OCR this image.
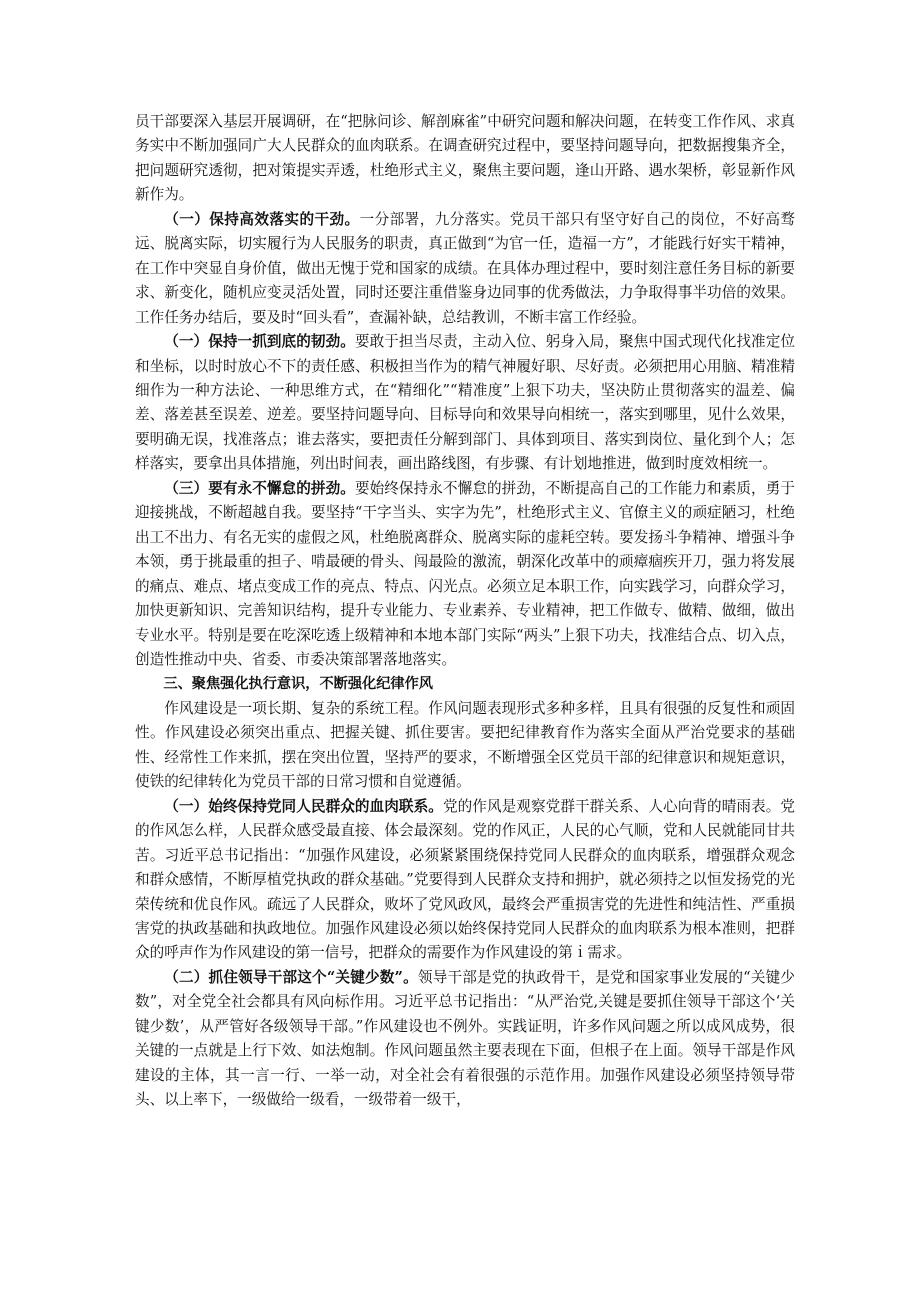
员干部要深入基层开展调研，在“把脉问诊、解剖麻雀”中研究问题和解决问题，在转变工作作风、求真务实中不断加强同广大人民群众的血肉联系。在调查研究过程中，要坚持问题导向，把数据搜集齐全，把问题研究透彻，把对策提实弄透，杜绝形式主义，聚焦主要问题，逢山开路、遇水架桥，彰显新作风新作为。

（一）保持高效落实的干劲。一分部署，九分落实。党员干部只有坚守好自己的岗位，不好高骛远、脱离实际，切实履行为人民服务的职责，真正做到“为官一任，造福一方”，才能践行好实干精神，在工作中突显自身价值，做出无愧于党和国家的成绩。在具体办理过程中，要时刻注意任务目标的新要求、新变化，随机应变灵活处置，同时还要注重借鉴身边同事的优秀做法，力争取得事半功倍的效果。工作任务办结后，要及时“回头看”，查漏补缺，总结教训，不断丰富工作经验。

（一）保持一抓到底的韧劲。要敢于担当尽责，主动入位、躬身入局，聚焦中国式现代化找准定位和坐标，以时时放心不下的责任感、积极担当作为的精气神履好职、尽好责。必须把用心用脑、精准精细作为一种方法论、一种思维方式，在“精细化”“精准度”上狠下功夫，坚决防止贯彻落实的温差、偏差、落差甚至误差、逆差。要坚持问题导向、目标导向和效果导向相统一，落实到哪里，见什么效果，要明确无误，找准落点；谁去落实，要把责任分解到部门、具体到项目、落实到岗位、量化到个人；怎样落实，要拿出具体措施，列出时间表，画出路线图，有步骤、有计划地推进，做到时度效相统一。

（三）要有永不懈怠的拼劲。要始终保持永不懈怠的拼劲，不断提高自己的工作能力和素质，勇于迎接挑战，不断超越自我。要坚持“干字当头、实字为先”，杜绝形式主义、官僚主义的顽症陋习，杜绝出工不出力、有名无实的虚假之风，杜绝脱离群众、脱离实际的虚耗空转。要发扬斗争精神、增强斗争本领，勇于挑最重的担子、啃最硬的骨头、闯最险的激流，朝深化改革中的顽瘴痼疾开刀，强力将发展的痛点、难点、堵点变成工作的亮点、特点、闪光点。必须立足本职工作，向实践学习，向群众学习，加快更新知识、完善知识结构，提升专业能力、专业素养、专业精神，把工作做专、做精、做细，做出专业水平。特别是要在吃深吃透上级精神和本地本部门实际“两头”上狠下功夫，找准结合点、切入点，创造性推动中央、省委、市委决策部署落地落实。

三、聚焦强化执行意识，不断强化纪律作风

作风建设是一项长期、复杂的系统工程。作风问题表现形式多种多样，且具有很强的反复性和顽固性。作风建设必须突出重点、把握关键、抓住要害。要把纪律教育作为落实全面从严治党要求的基础性、经常性工作来抓，摆在突出位置，坚持严的要求，不断增强全区党员干部的纪律意识和规矩意识，使铁的纪律转化为党员干部的日常习惯和自觉遵循。

（一）始终保持党同人民群众的血肉联系。党的作风是观察党群干群关系、人心向背的晴雨表。党的作风怎么样，人民群众感受最直接、体会最深刻。党的作风正，人民的心气顺，党和人民就能同甘共苦。习近平总书记指出：“加强作风建设，必须紧紧围绕保持党同人民群众的血肉联系，增强群众观念和群众感情，不断厚植党执政的群众基础。”党要得到人民群众支持和拥护，就必须持之以恒发扬党的光荣传统和优良作风。疏远了人民群众，败坏了党风政风，最终会严重损害党的先进性和纯洁性、严重损害党的执政基础和执政地位。加强作风建设必须以始终保持党同人民群众的血肉联系为根本准则，把群众的呼声作为作风建设的第一信号，把群众的需要作为作风建设的第ｉ需求。

（二）抓住领导干部这个“关键少数”。领导干部是党的执政骨干，是党和国家事业发展的“关键少数”，对全党全社会都具有风向标作用。习近平总书记指出：“从严治党,关键是要抓住领导干部这个‘关键少数’，从严管好各级领导干部。”作风建设也不例外。实践证明，许多作风问题之所以成风成势，很关键的一点就是上行下效、如法炮制。作风问题虽然主要表现在下面，但根子在上面。领导干部是作风建设的主体，其一言一行、一举一动，对全社会有着很强的示范作用。加强作风建设必须坚持领导带头、以上率下，一级做给一级看，一级带着一级干，
